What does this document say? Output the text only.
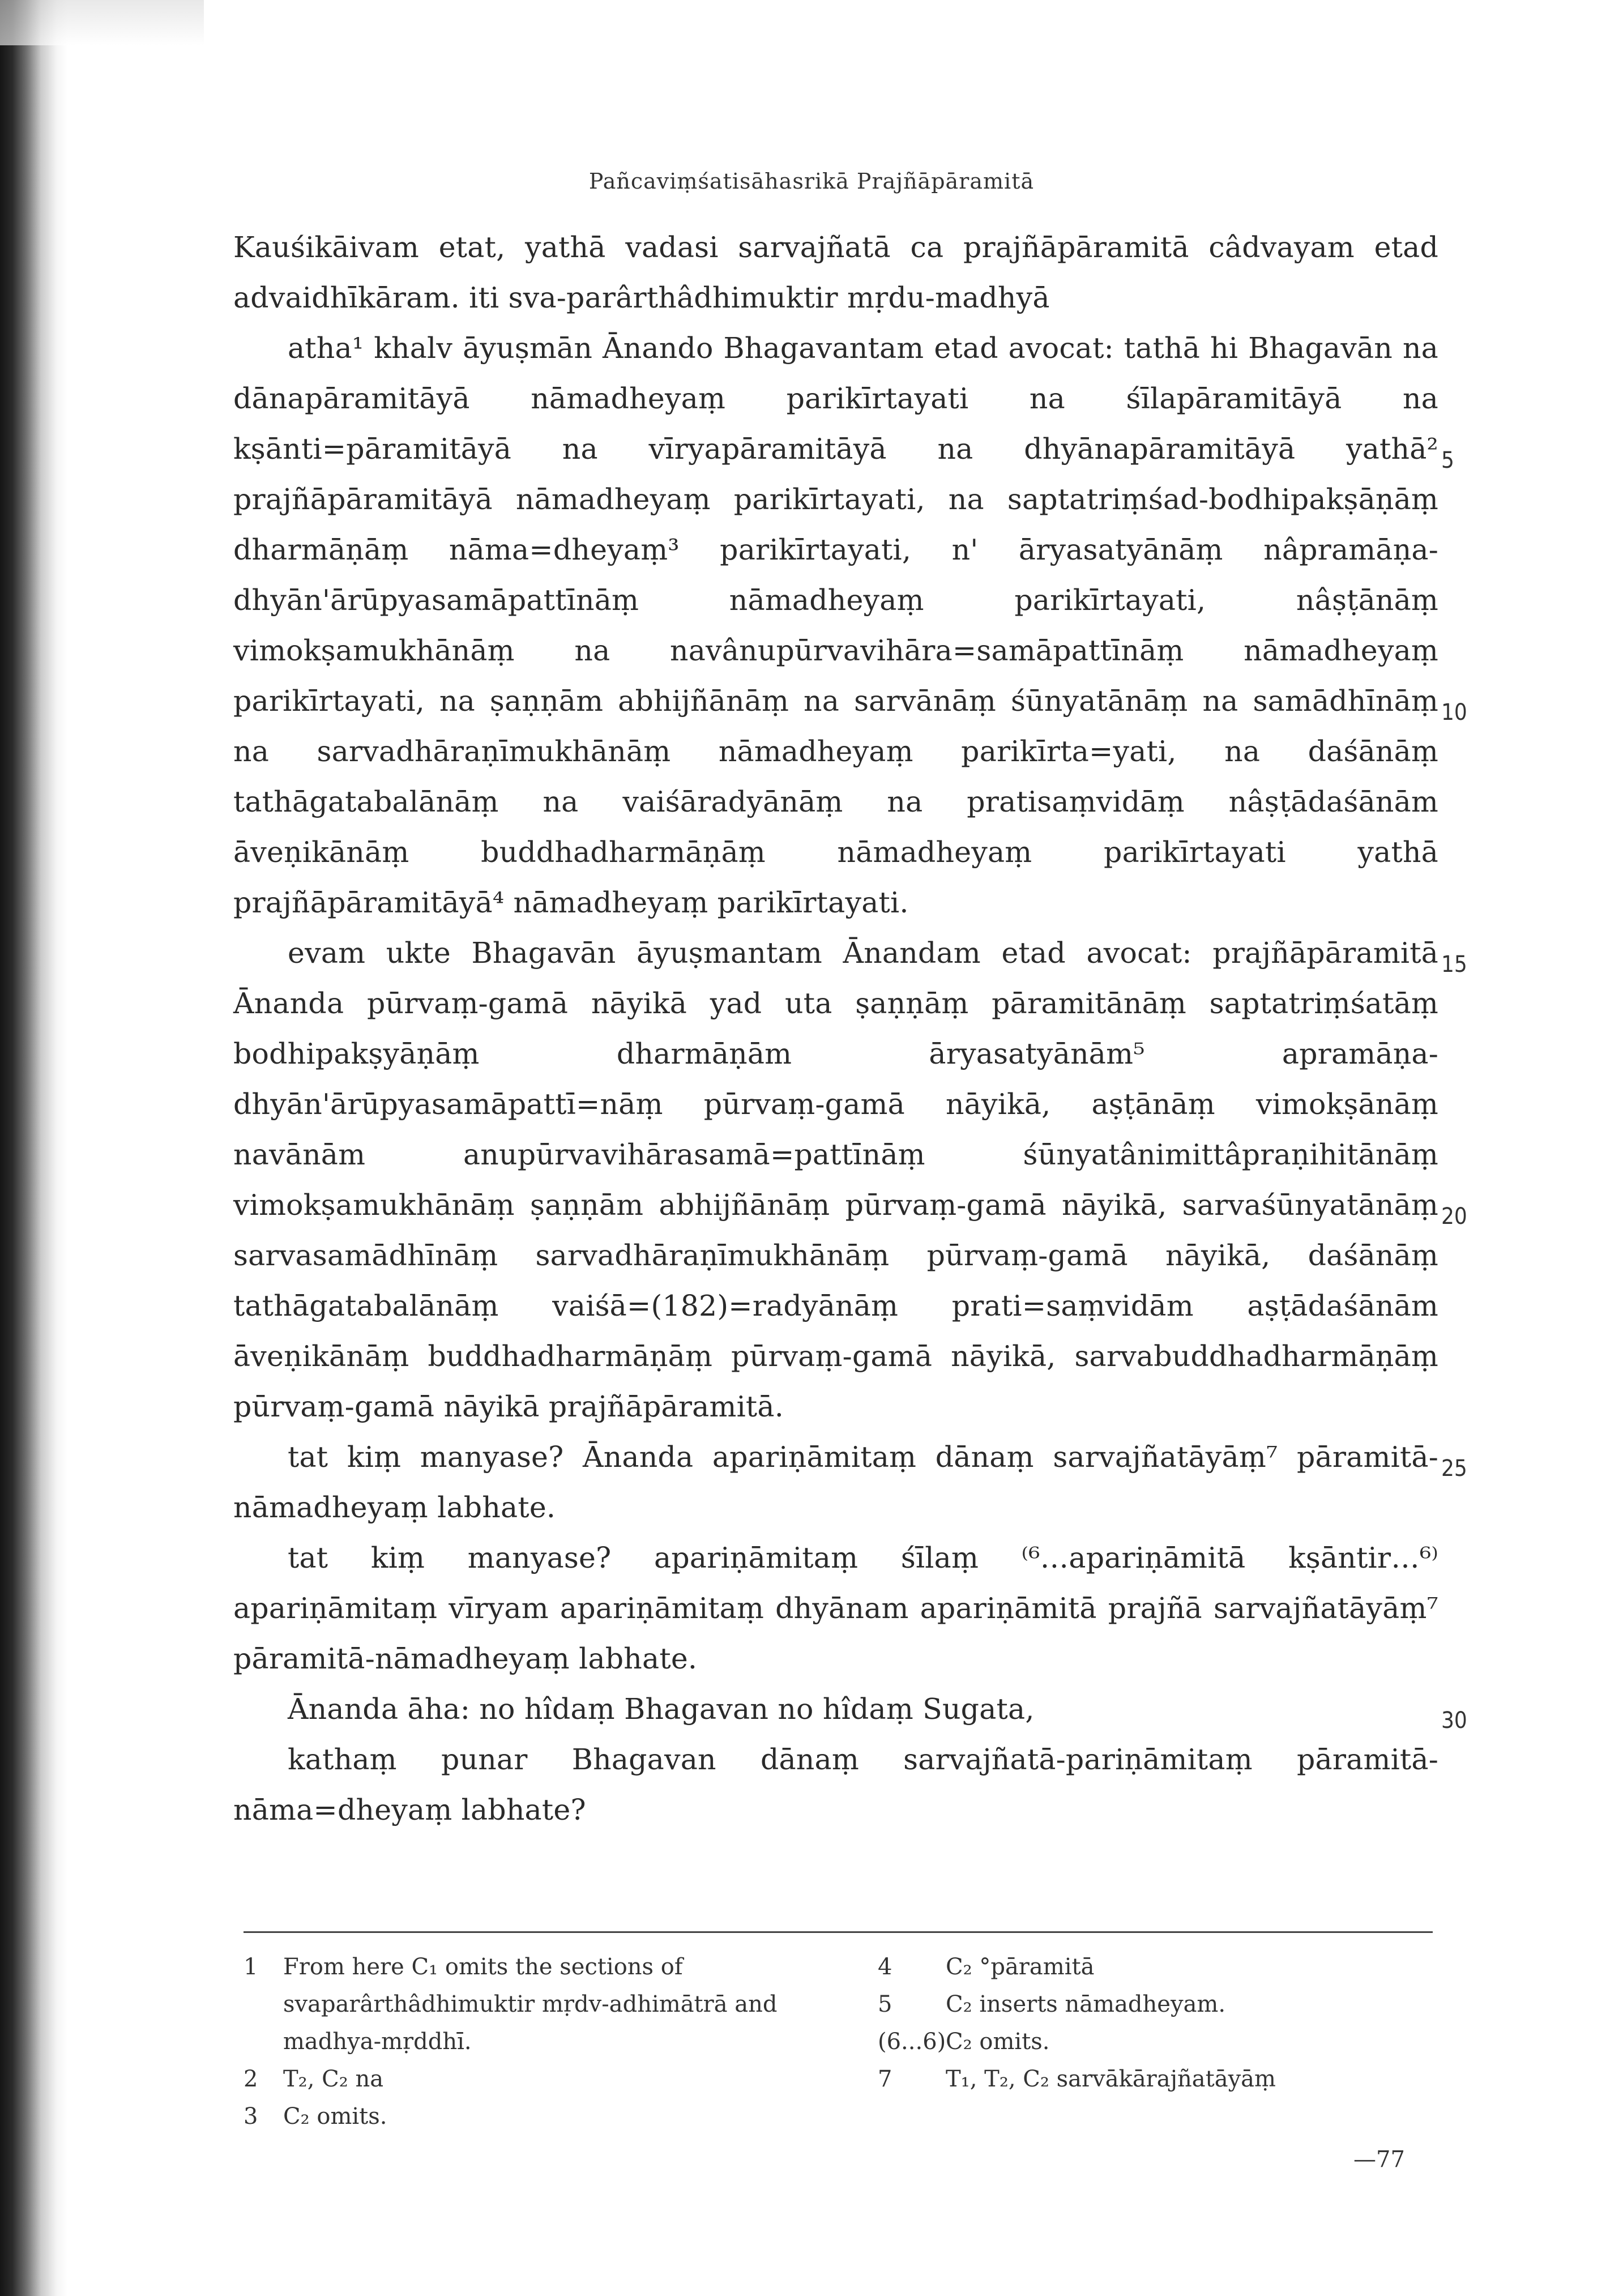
Pañcaviṃśatisāhasrikā Prajñāpāramitā

Kauśikāivam etat, yathā vadasi sarvajñatā ca prajñāpāramitā câdvayam etad advaidhīkāram. iti sva-parârthâdhimuktir mṛdu-madhyā

atha¹ khalv āyuṣmān Ānando Bhagavantam etad avocat: tathā hi Bhagavān na dānapāramitāyā nāmadheyaṃ parikīrtayati na śīlapāramitāyā na kṣānti=pāramitāyā na vīryapāramitāyā na dhyānapāramitāyā yathā² prajñāpāramitāyā nāmadheyaṃ parikīrtayati, na saptatriṃśad-bodhipakṣāṇāṃ dharmāṇāṃ nāma=dheyaṃ³ parikīrtayati, n' āryasatyānāṃ nâpramāṇa-dhyān'ārūpyasamāpattīnāṃ nāmadheyaṃ parikīrtayati, nâṣṭānāṃ vimokṣamukhānāṃ na navânupūrvavihāra=samāpattīnāṃ nāmadheyaṃ parikīrtayati, na ṣaṇṇām abhijñānāṃ na sarvānāṃ śūnyatānāṃ na samādhīnāṃ na sarvadhāraṇīmukhānāṃ nāmadheyaṃ parikīrta=yati, na daśānāṃ tathāgatabalānāṃ na vaiśāradyānāṃ na pratisaṃvidāṃ nâṣṭādaśānām āveṇikānāṃ buddhadharmāṇāṃ nāmadheyaṃ parikīrtayati yathā prajñāpāramitāyā⁴ nāmadheyaṃ parikīrtayati.

evam ukte Bhagavān āyuṣmantam Ānandam etad avocat: prajñāpāramitā Ānanda pūrvaṃ-gamā nāyikā yad uta ṣaṇṇāṃ pāramitānāṃ saptatriṃśatāṃ bodhipakṣyāṇāṃ dharmāṇām āryasatyānām⁵ apramāṇa-dhyān'ārūpyasamāpattī=nāṃ pūrvaṃ-gamā nāyikā, aṣṭānāṃ vimokṣānāṃ navānām anupūrvavihārasamā=pattīnāṃ śūnyatânimittâpraṇihitānāṃ vimokṣamukhānāṃ ṣaṇṇām abhijñānāṃ pūrvaṃ-gamā nāyikā, sarvaśūnyatānāṃ sarvasamādhīnāṃ sarvadhāraṇīmukhānāṃ pūrvaṃ-gamā nāyikā, daśānāṃ tathāgatabalānāṃ vaiśā=(182)=radyānāṃ prati=saṃvidām aṣṭādaśānām āveṇikānāṃ buddhadharmāṇāṃ pūrvaṃ-gamā nāyikā, sarvabuddhadharmāṇāṃ pūrvaṃ-gamā nāyikā prajñāpāramitā.

tat kiṃ manyase? Ānanda apariṇāmitaṃ dānaṃ sarvajñatāyāṃ⁷ pāramitā-nāmadheyaṃ labhate.

tat kiṃ manyase? apariṇāmitaṃ śīlaṃ ⁽⁶…apariṇāmitā kṣāntir…⁶⁾ apariṇāmitaṃ vīryam apariṇāmitaṃ dhyānam apariṇāmitā prajñā sarvajñatāyāṃ⁷ pāramitā-nāmadheyaṃ labhate.

Ānanda āha: no hîdaṃ Bhagavan no hîdaṃ Sugata,

kathaṃ punar Bhagavan dānaṃ sarvajñatā-pariṇāmitaṃ pāramitā-nāma=dheyaṃ labhate?

5
10
15
20
25
30
1	From here C₁ omits the sections of svaparârthâdhimuktir mṛdv-adhimātrā and madhya-mṛddhī.
2	T₂, C₂ na
3	C₂ omits.
4	C₂ °pāramitā
5	C₂ inserts nāmadheyam.
(6...6) C₂ omits.
7	T₁, T₂, C₂ sarvākārajñatāyāṃ
—77
